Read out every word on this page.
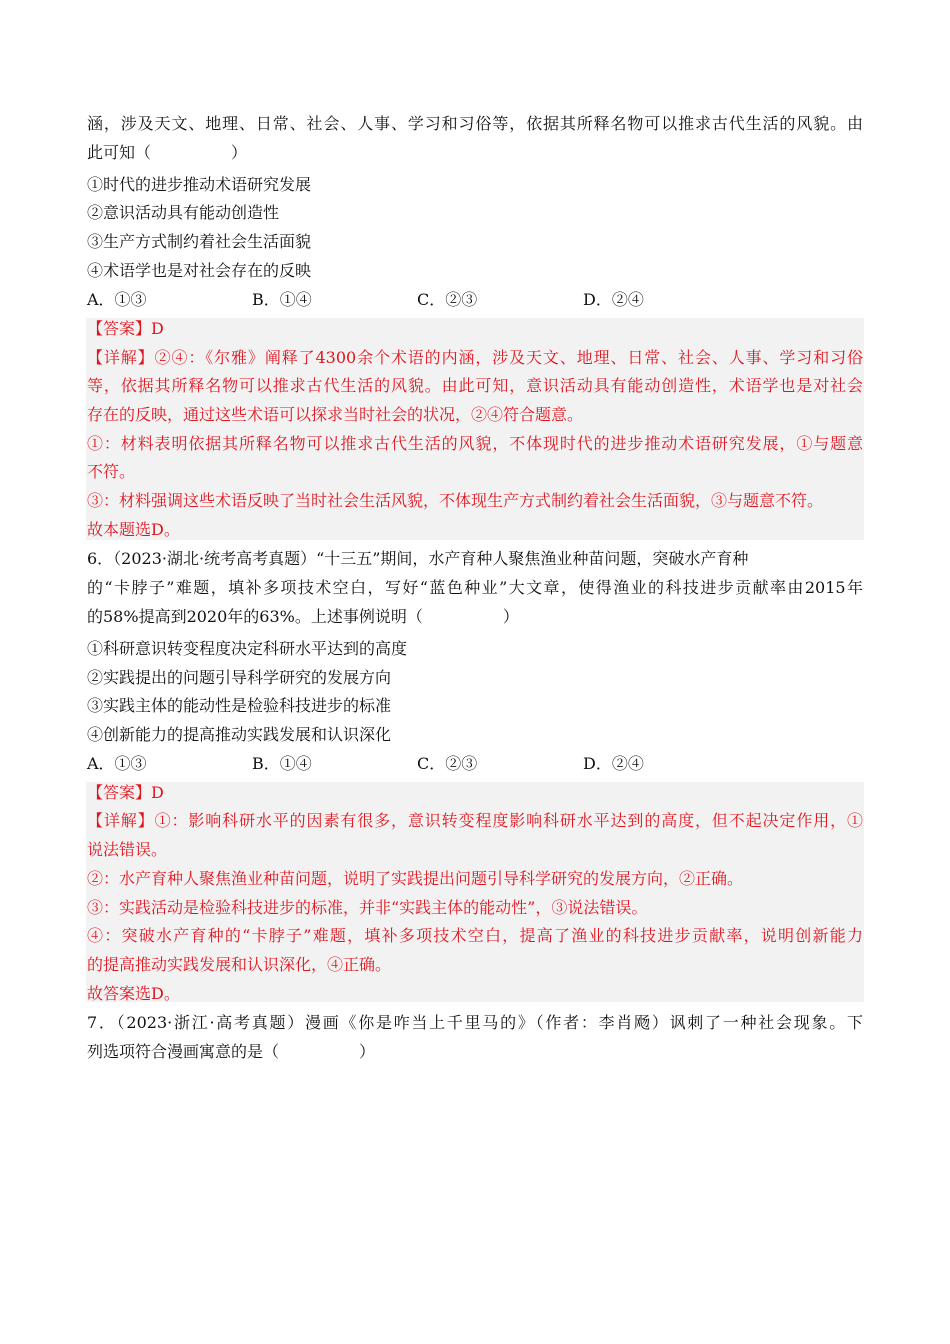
涵，涉及天文、地理、日常、社会、人事、学习和习俗等，依据其所释名物可以推求古代生活的风貌。由
此可知（　　　　　）
①时代的进步推动术语研究发展
②意识活动具有能动创造性
③生产方式制约着社会生活面貌
④术语学也是对社会存在的反映
A．①③	B．①④	C．②③	D．②④
【答案】D
【详解】②④：《尔雅》阐释了4300余个术语的内涵，涉及天文、地理、日常、社会、人事、学习和习俗
等，依据其所释名物可以推求古代生活的风貌。由此可知，意识活动具有能动创造性，术语学也是对社会
存在的反映，通过这些术语可以探求当时社会的状况，②④符合题意。
①：材料表明依据其所释名物可以推求古代生活的风貌，不体现时代的进步推动术语研究发展，①与题意
不符。
③：材料强调这些术语反映了当时社会生活风貌，不体现生产方式制约着社会生活面貌，③与题意不符。
故本题选D。
6．（2023·湖北·统考高考真题）“十三五”期间，水产育种人聚焦渔业种苗问题，突破水产育种
的“卡脖子”难题，填补多项技术空白，写好“蓝色种业”大文章，使得渔业的科技进步贡献率由2015年
的58%提高到2020年的63%。上述事例说明（　　　　　）
①科研意识转变程度决定科研水平达到的高度
②实践提出的问题引导科学研究的发展方向
③实践主体的能动性是检验科技进步的标准
④创新能力的提高推动实践发展和认识深化
A．①③	B．①④	C．②③	D．②④
【答案】D
【详解】①：影响科研水平的因素有很多，意识转变程度影响科研水平达到的高度，但不起决定作用，①
说法错误。
②：水产育种人聚焦渔业种苗问题，说明了实践提出问题引导科学研究的发展方向，②正确。
③：实践活动是检验科技进步的标准，并非“实践主体的能动性”，③说法错误。
④：突破水产育种的“卡脖子”难题，填补多项技术空白，提高了渔业的科技进步贡献率，说明创新能力
的提高推动实践发展和认识深化，④正确。
故答案选D。
7．（2023·浙江·高考真题）漫画《你是咋当上千里马的》（作者：李肖飏）讽刺了一种社会现象。下
列选项符合漫画寓意的是（　　　　　）
